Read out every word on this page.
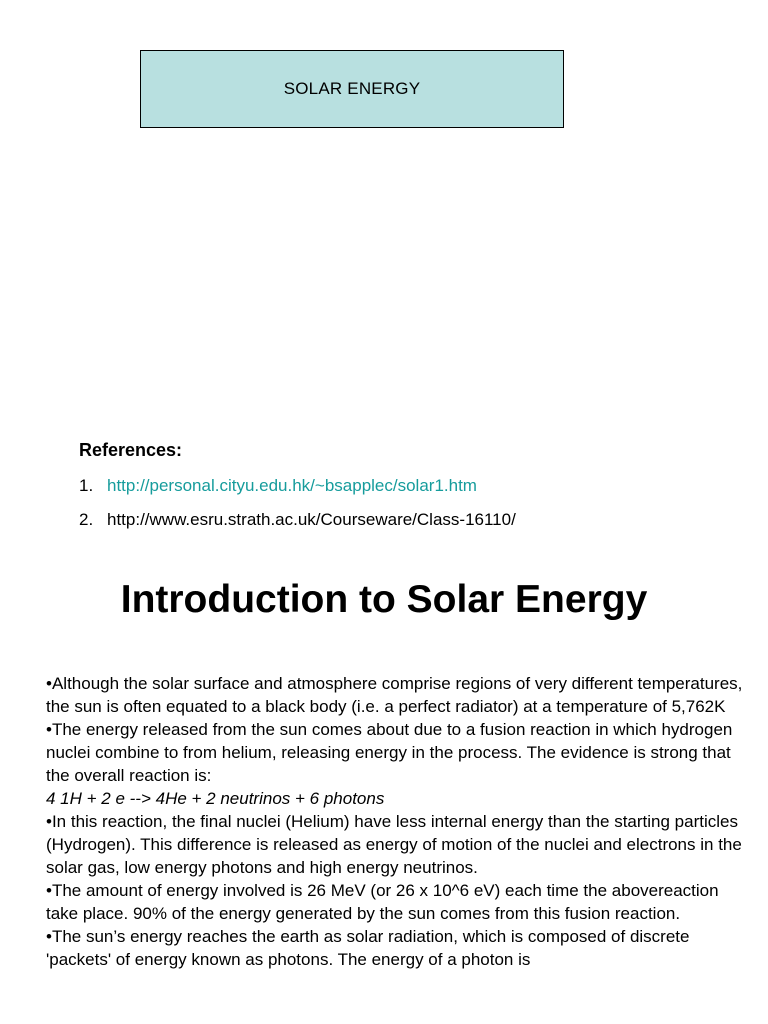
SOLAR ENERGY
References:
1. http://personal.cityu.edu.hk/~bsapplec/solar1.htm
2. http://www.esru.strath.ac.uk/Courseware/Class-16110/
Introduction to Solar Energy

•Although the solar surface and atmosphere comprise regions of very different temperatures, the sun is often equated to a black body (i.e. a perfect radiator) at a temperature of 5,762K

•The energy released from the sun comes about due to a fusion reaction in which hydrogen nuclei combine to from helium, releasing energy in the process. The evidence is strong that the overall reaction is:

4 1H + 2 e --> 4He + 2 neutrinos + 6 photons

•In this reaction, the final nuclei (Helium) have less internal energy than the starting particles (Hydrogen). This difference is released as energy of motion of the nuclei and electrons in the solar gas, low energy photons and high energy neutrinos.

•The amount of energy involved is 26 MeV (or 26 x 10^6 eV) each time the abovereaction take place. 90% of the energy generated by the sun comes from this fusion reaction.

•The sun’s energy reaches the earth as solar radiation, which is composed of discrete 'packets' of energy known as photons. The energy of a photon is
